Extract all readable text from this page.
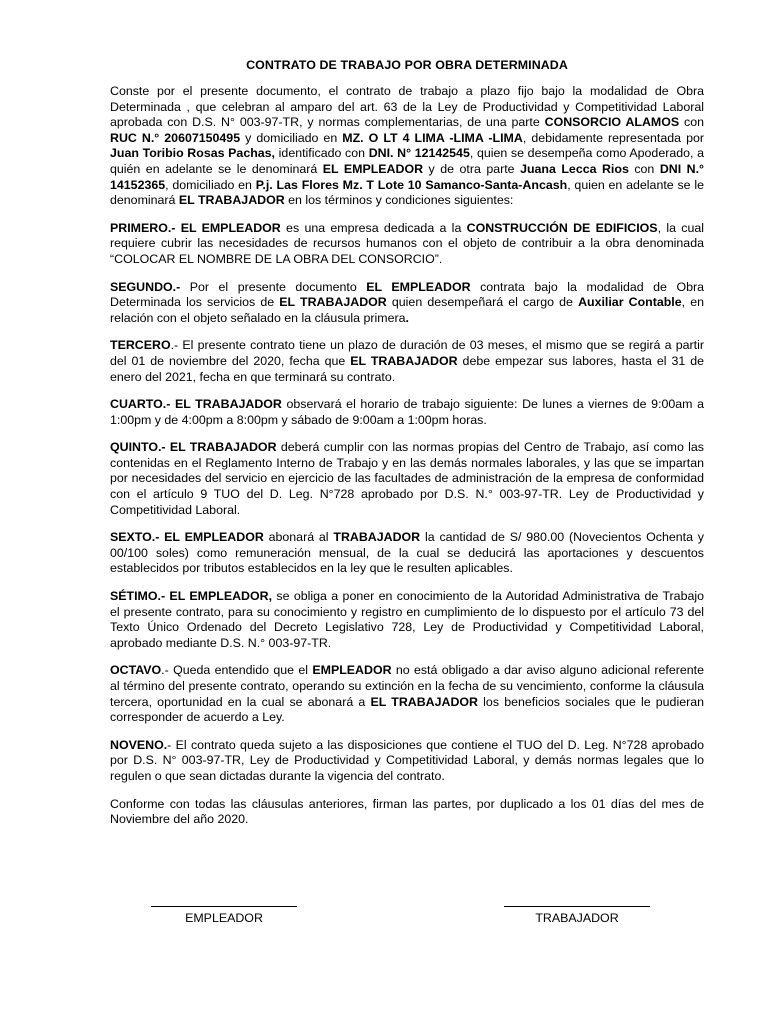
CONTRATO DE TRABAJO POR OBRA DETERMINADA

Conste por el presente documento, el contrato de trabajo a plazo fijo bajo la modalidad de Obra Determinada , que celebran al amparo del art. 63 de la Ley de Productividad y Competitividad Laboral aprobada con D.S. N° 003-97-TR, y normas complementarias, de una parte CONSORCIO ALAMOS con RUC N.° 20607150495 y domiciliado en MZ. O LT 4 LIMA -LIMA -LIMA, debidamente representada por Juan Toribio Rosas Pachas, identificado con DNI. N° 12142545, quien se desempeña como Apoderado, a quién en adelante se le denominará EL EMPLEADOR y de otra parte Juana Lecca Rios con DNI N.° 14152365, domiciliado en P.j. Las Flores Mz. T Lote 10 Samanco-Santa-Ancash, quien en adelante se le denominará EL TRABAJADOR en los términos y condiciones siguientes:

PRIMERO.- EL EMPLEADOR es una empresa dedicada a la CONSTRUCCIÓN DE EDIFICIOS, la cual requiere cubrir las necesidades de recursos humanos con el objeto de contribuir a la obra denominada “COLOCAR EL NOMBRE DE LA OBRA DEL CONSORCIO”.

SEGUNDO.- Por el presente documento EL EMPLEADOR contrata bajo la modalidad de Obra Determinada los servicios de EL TRABAJADOR quien desempeñará el cargo de Auxiliar Contable, en relación con el objeto señalado en la cláusula primera.

TERCERO.- El presente contrato tiene un plazo de duración de 03 meses, el mismo que se regirá a partir del 01 de noviembre del 2020, fecha que EL TRABAJADOR debe empezar sus labores, hasta el 31 de enero del 2021, fecha en que terminará su contrato.

CUARTO.- EL TRABAJADOR observará el horario de trabajo siguiente: De lunes a viernes de 9:00am a 1:00pm y de 4:00pm a 8:00pm y sábado de 9:00am a 1:00pm horas.

QUINTO.- EL TRABAJADOR deberá cumplir con las normas propias del Centro de Trabajo, así como las contenidas en el Reglamento Interno de Trabajo y en las demás normales laborales, y las que se impartan por necesidades del servicio en ejercicio de las facultades de administración de la empresa de conformidad con el artículo 9 TUO del D. Leg. N°728 aprobado por D.S. N.° 003-97-TR. Ley de Productividad y Competitividad Laboral.

SEXTO.- EL EMPLEADOR abonará al TRABAJADOR la cantidad de S/ 980.00 (Novecientos Ochenta y 00/100 soles) como remuneración mensual, de la cual se deducirá las aportaciones y descuentos establecidos por tributos establecidos en la ley que le resulten aplicables.

SÉTIMO.- EL EMPLEADOR, se obliga a poner en conocimiento de la Autoridad Administrativa de Trabajo el presente contrato, para su conocimiento y registro en cumplimiento de lo dispuesto por el artículo 73 del Texto Único Ordenado del Decreto Legislativo 728, Ley de Productividad y Competitividad Laboral, aprobado mediante D.S. N.° 003-97-TR.

OCTAVO.- Queda entendido que el EMPLEADOR no está obligado a dar aviso alguno adicional referente al término del presente contrato, operando su extinción en la fecha de su vencimiento, conforme la cláusula tercera, oportunidad en la cual se abonará a EL TRABAJADOR los beneficios sociales que le pudieran corresponder de acuerdo a Ley.

NOVENO.- El contrato queda sujeto a las disposiciones que contiene el TUO del D. Leg. N°728 aprobado por D.S. N° 003-97-TR, Ley de Productividad y Competitividad Laboral, y demás normas legales que lo regulen o que sean dictadas durante la vigencia del contrato.

Conforme con todas las cláusulas anteriores, firman las partes, por duplicado a los 01 días del mes de Noviembre del año 2020.

EMPLEADOR	TRABAJADOR
